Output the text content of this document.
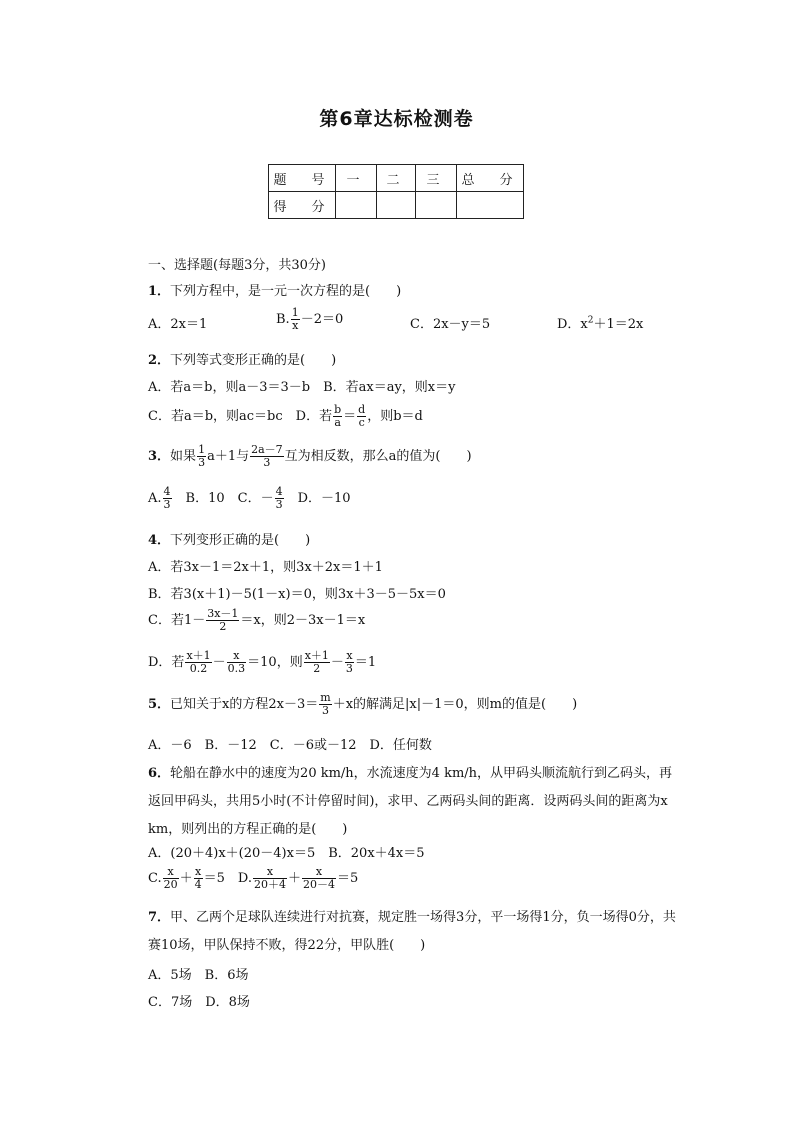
第6章达标检测卷
题　号	一	二	三	总　分
得　分				
一、选择题(每题3分，共30分)
1．下列方程中，是一元一次方程的是(　　)
A．2x＝1	B. $\frac{1}{x} -2=0$	C．2x－y＝5	D．$x^2+1=2x$
2．下列等式变形正确的是(　　)
A．若a＝b，则a－3＝3－b　B．若ax＝ay，则x＝y
C．若a＝b，则ac＝bc　D．若 $\frac{b}{a} = \frac{d}{c}$ ，则b＝d
3．如果 $\frac{1}{3} a+1$与 $\frac{2a-7}{3}$ 互为相反数，那么a的值为(　　)
A. $\frac{4}{3}$ 　B．10　C．－ $\frac{4}{3}$ 　D．－10
4．下列变形正确的是(　　)
A．若3x－1＝2x＋1，则3x＋2x＝1＋1
B．若3(x＋1)－5(1－x)＝0，则3x＋3－5－5x＝0
C．若$1- \frac{3x-1}{2} =x$，则2－3x－1＝x
D．若 $\frac{x+1}{0.2} - \frac{x}{0.3} =10$，则 $\frac{x+1}{2} - \frac{x}{3} =1$
5．已知关于x的方程$2x-3= \frac{m}{3} +x$的解满足|x|－1＝0，则m的值是(　　)
A．－6　B．－12　C．－6或－12　D．任何数
6．轮船在静水中的速度为20 km/h，水流速度为4 km/h，从甲码头顺流航行到乙码头，再返回甲码头，共用5小时(不计停留时间)，求甲、乙两码头间的距离．设两码头间的距离为x km，则列出的方程正确的是(　　)
A．(20＋4)x＋(20－4)x＝5　B．20x＋4x＝5
C. $\frac{x}{20} + \frac{x}{4} =5$　D. $\frac{x}{20+4} + \frac{x}{20-4} =5$
7．甲、乙两个足球队连续进行对抗赛，规定胜一场得3分，平一场得1分，负一场得0分，共赛10场，甲队保持不败，得22分，甲队胜(　　)
A．5场　B．6场
C．7场　D．8场
